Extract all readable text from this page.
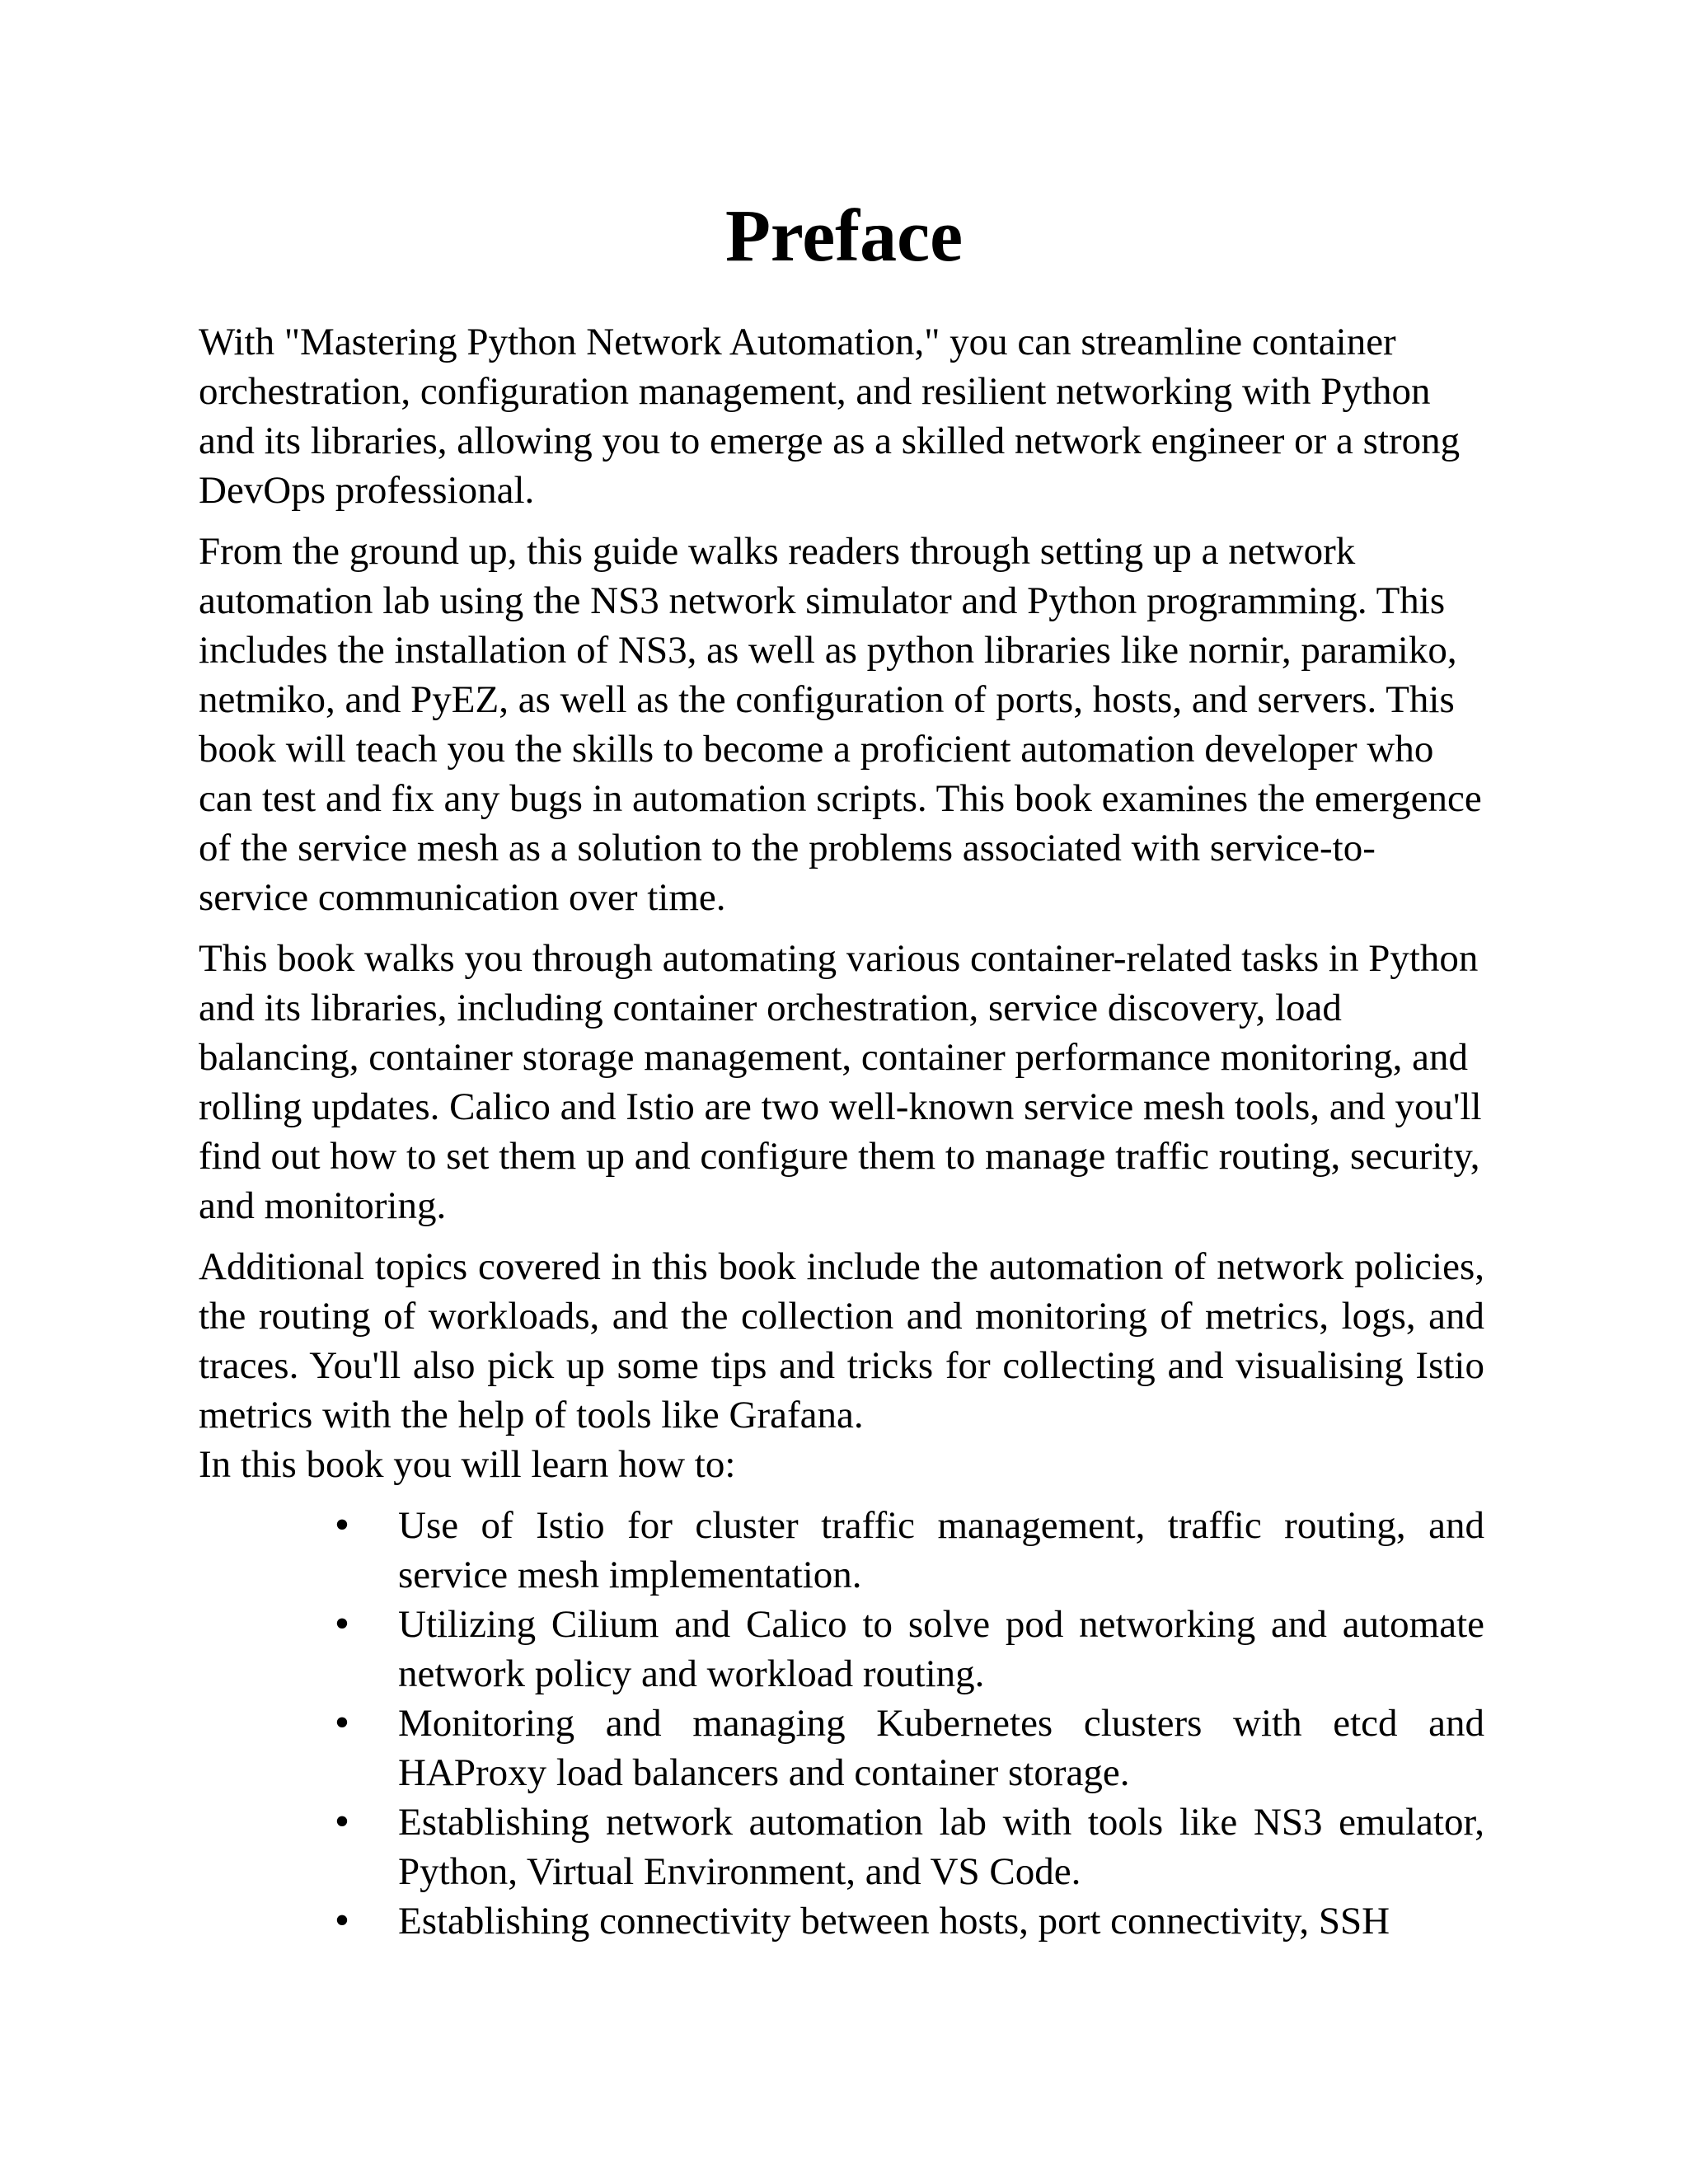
Preface

With "Mastering Python Network Automation," you can streamline container orchestration, configuration management, and resilient networking with Python and its libraries, allowing you to emerge as a skilled network engineer or a strong DevOps professional.

From the ground up, this guide walks readers through setting up a network automation lab using the NS3 network simulator and Python programming. This includes the installation of NS3, as well as python libraries like nornir, paramiko, netmiko, and PyEZ, as well as the configuration of ports, hosts, and servers. This book will teach you the skills to become a proficient automation developer who can test and fix any bugs in automation scripts. This book examines the emergence of the service mesh as a solution to the problems associated with service-to-service communication over time.

This book walks you through automating various container-related tasks in Python and its libraries, including container orchestration, service discovery, load balancing, container storage management, container performance monitoring, and rolling updates. Calico and Istio are two well-known service mesh tools, and you'll find out how to set them up and configure them to manage traffic routing, security, and monitoring.

Additional topics covered in this book include the automation of network policies, the routing of workloads, and the collection and monitoring of metrics, logs, and traces. You'll also pick up some tips and tricks for collecting and visualising Istio metrics with the help of tools like Grafana.

In this book you will learn how to:

• Use of Istio for cluster traffic management, traffic routing, and service mesh implementation.
• Utilizing Cilium and Calico to solve pod networking and automate network policy and workload routing.
• Monitoring and managing Kubernetes clusters with etcd and HAProxy load balancers and container storage.
• Establishing network automation lab with tools like NS3 emulator, Python, Virtual Environment, and VS Code.
• Establishing connectivity between hosts, port connectivity, SSH
